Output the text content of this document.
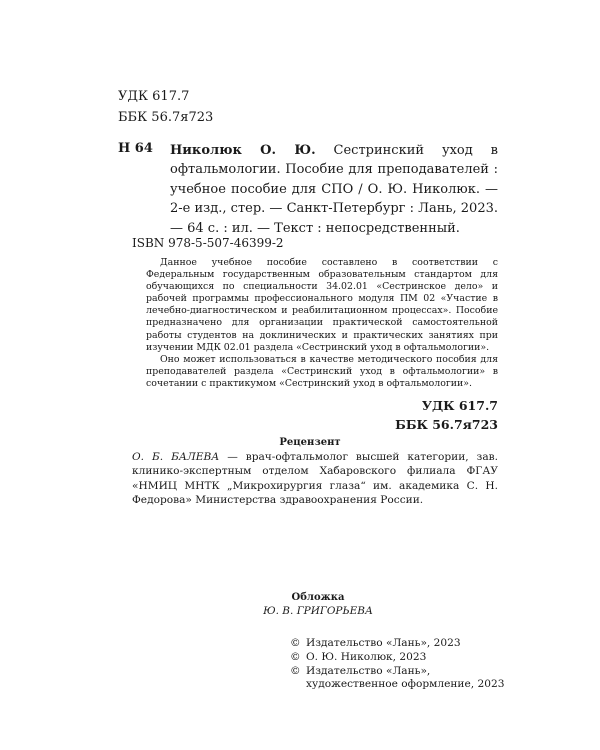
УДК 617.7
ББК 56.7я723
Н 64 Николюк О. Ю. Сестринский уход в офтальмологии. Пособие для преподавателей : учебное пособие для СПО / О. Ю. Николюк. — 2-е изд., стер. — Санкт-Петербург : Лань, 2023. — 64 с. : ил. — Текст : непосредственный.
ISBN 978-5-507-46399-2

Данное учебное пособие составлено в соответствии с Федеральным государственным образовательным стандартом для обучающихся по специальности 34.02.01 «Сестринское дело» и рабочей программы профессионального модуля ПМ 02 «Участие в лечебно-диагностическом и реабилитационном процессах». Пособие предназначено для организации практической самостоятельной работы студентов на доклинических и практических занятиях при изучении МДК 02.01 раздела «Сестринский уход в офтальмологии».

Оно может использоваться в качестве методического пособия для преподавателей раздела «Сестринский уход в офтальмологии» в сочетании с практикумом «Сестринский уход в офтальмологии».

УДК 617.7
ББК 56.7я723
Рецензент
О. Б. БАЛЕВА — врач-офтальмолог высшей категории, зав. клинико-экспертным отделом Хабаровского филиала ФГАУ «НМИЦ МНТК „Микрохирургия глаза“ им. академика С. Н. Федорова» Министерства здравоохранения России.
Обложка
Ю. В. ГРИГОРЬЕВА
© Издательство «Лань», 2023
© О. Ю. Николюк, 2023
© Издательство «Лань»,
художественное оформление, 2023
